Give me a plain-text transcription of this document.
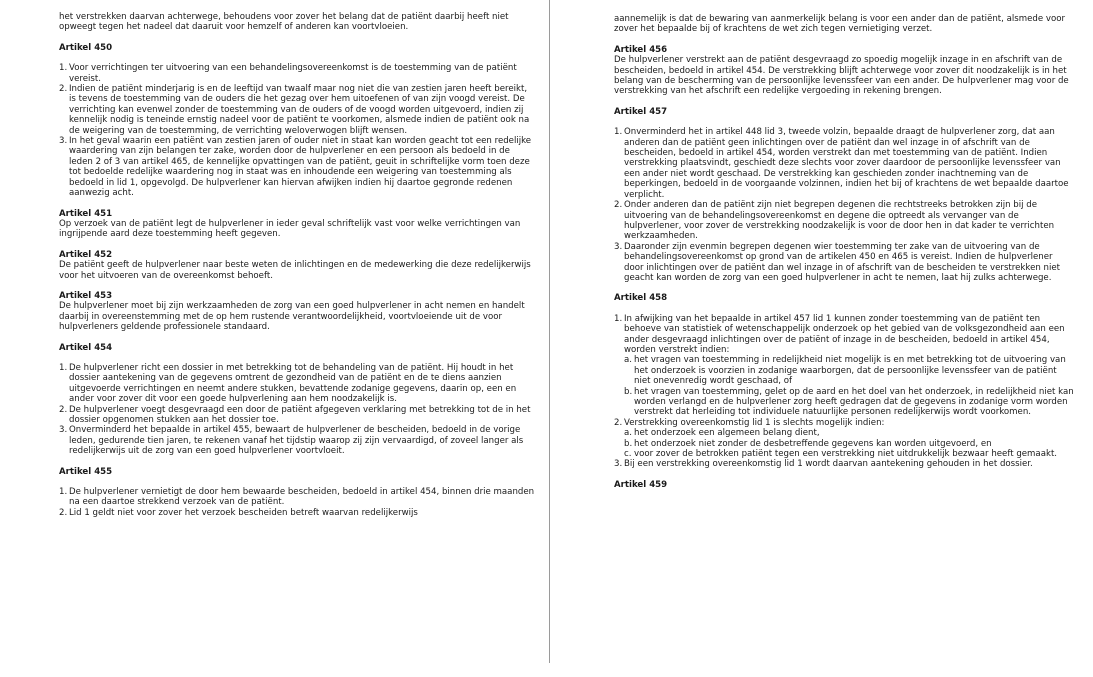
het verstrekken daarvan achterwege, behoudens voor zover het belang dat de patiënt daarbij heeft niet opweegt tegen het nadeel dat daaruit voor hemzelf of anderen kan voortvloeien.

Artikel 450
1. Voor verrichtingen ter uitvoering van een behandelingsovereenkomst is de toestemming van de patiënt vereist.
2. Indien de patiënt minderjarig is en de leeftijd van twaalf maar nog niet die van zestien jaren heeft bereikt, is tevens de toestemming van de ouders die het gezag over hem uitoefenen of van zijn voogd vereist. De verrichting kan evenwel zonder de toestemming van de ouders of de voogd worden uitgevoerd, indien zij kennelijk nodig is teneinde ernstig nadeel voor de patiënt te voorkomen, alsmede indien de patiënt ook na de weigering van de toestemming, de verrichting weloverwogen blijft wensen.
3. In het geval waarin een patiënt van zestien jaren of ouder niet in staat kan worden geacht tot een redelijke waardering van zijn belangen ter zake, worden door de hulpverlener en een persoon als bedoeld in de leden 2 of 3 van artikel 465, de kennelijke opvattingen van de patiënt, geuit in schriftelijke vorm toen deze tot bedoelde redelijke waardering nog in staat was en inhoudende een weigering van toestemming als bedoeld in lid 1, opgevolgd. De hulpverlener kan hiervan afwijken indien hij daartoe gegronde redenen aanwezig acht.
Artikel 451

Op verzoek van de patiënt legt de hulpverlener in ieder geval schriftelijk vast voor welke verrichtingen van ingrijpende aard deze toestemming heeft gegeven.

Artikel 452

De patiënt geeft de hulpverlener naar beste weten de inlichtingen en de medewerking die deze redelijkerwijs voor het uitvoeren van de overeenkomst behoeft.

Artikel 453

De hulpverlener moet bij zijn werkzaamheden de zorg van een goed hulpverlener in acht nemen en handelt daarbij in overeenstemming met de op hem rustende verantwoordelijkheid, voortvloeiende uit de voor hulpverleners geldende professionele standaard.

Artikel 454
1. De hulpverlener richt een dossier in met betrekking tot de behandeling van de patiënt. Hij houdt in het dossier aantekening van de gegevens omtrent de gezondheid van de patiënt en de te diens aanzien uitgevoerde verrichtingen en neemt andere stukken, bevattende zodanige gegevens, daarin op, een en ander voor zover dit voor een goede hulpverlening aan hem noodzakelijk is.
2. De hulpverlener voegt desgevraagd een door de patiënt afgegeven verklaring met betrekking tot de in het dossier opgenomen stukken aan het dossier toe.
3. Onverminderd het bepaalde in artikel 455, bewaart de hulpverlener de bescheiden, bedoeld in de vorige leden, gedurende tien jaren, te rekenen vanaf het tijdstip waarop zij zijn vervaardigd, of zoveel langer als redelijkerwijs uit de zorg van een goed hulpverlener voortvloeit.
Artikel 455
1. De hulpverlener vernietigt de door hem bewaarde bescheiden, bedoeld in artikel 454, binnen drie maanden na een daartoe strekkend verzoek van de patiënt.
2. Lid 1 geldt niet voor zover het verzoek bescheiden betreft waarvan redelijkerwijs

aannemelijk is dat de bewaring van aanmerkelijk belang is voor een ander dan de patiënt, alsmede voor zover het bepaalde bij of krachtens de wet zich tegen vernietiging verzet.

Artikel 456

De hulpverlener verstrekt aan de patiënt desgevraagd zo spoedig mogelijk inzage in en afschrift van de bescheiden, bedoeld in artikel 454. De verstrekking blijft achterwege voor zover dit noodzakelijk is in het belang van de bescherming van de persoonlijke levenssfeer van een ander. De hulpverlener mag voor de verstrekking van het afschrift een redelijke vergoeding in rekening brengen.

Artikel 457
1. Onverminderd het in artikel 448 lid 3, tweede volzin, bepaalde draagt de hulpverlener zorg, dat aan anderen dan de patiënt geen inlichtingen over de patiënt dan wel inzage in of afschrift van de bescheiden, bedoeld in artikel 454, worden verstrekt dan met toestemming van de patiënt. Indien verstrekking plaatsvindt, geschiedt deze slechts voor zover daardoor de persoonlijke levenssfeer van een ander niet wordt geschaad. De verstrekking kan geschieden zonder inachtneming van de beperkingen, bedoeld in de voorgaande volzinnen, indien het bij of krachtens de wet bepaalde daartoe verplicht.
2. Onder anderen dan de patiënt zijn niet begrepen degenen die rechtstreeks betrokken zijn bij de uitvoering van de behandelingsovereenkomst en degene die optreedt als vervanger van de hulpverlener, voor zover de verstrekking noodzakelijk is voor de door hen in dat kader te verrichten werkzaamheden.
3. Daaronder zijn evenmin begrepen degenen wier toestemming ter zake van de uitvoering van de behandelingsovereenkomst op grond van de artikelen 450 en 465 is vereist. Indien de hulpverlener door inlichtingen over de patiënt dan wel inzage in of afschrift van de bescheiden te verstrekken niet geacht kan worden de zorg van een goed hulpverlener in acht te nemen, laat hij zulks achterwege.
Artikel 458
1. In afwijking van het bepaalde in artikel 457 lid 1 kunnen zonder toestemming van de patiënt ten behoeve van statistiek of wetenschappelijk onderzoek op het gebied van de volksgezondheid aan een ander desgevraagd inlichtingen over de patiënt of inzage in de bescheiden, bedoeld in artikel 454, worden verstrekt indien:
a. het vragen van toestemming in redelijkheid niet mogelijk is en met betrekking tot de uitvoering van het onderzoek is voorzien in zodanige waarborgen, dat de persoonlijke levenssfeer van de patiënt niet onevenredig wordt geschaad, of
b. het vragen van toestemming, gelet op de aard en het doel van het onderzoek, in redelijkheid niet kan worden verlangd en de hulpverlener zorg heeft gedragen dat de gegevens in zodanige vorm worden verstrekt dat herleiding tot individuele natuurlijke personen redelijkerwijs wordt voorkomen.
2. Verstrekking overeenkomstig lid 1 is slechts mogelijk indien:
a. het onderzoek een algemeen belang dient,
b. het onderzoek niet zonder de desbetreffende gegevens kan worden uitgevoerd, en
c. voor zover de betrokken patiënt tegen een verstrekking niet uitdrukkelijk bezwaar heeft gemaakt.
3. Bij een verstrekking overeenkomstig lid 1 wordt daarvan aantekening gehouden in het dossier.
Artikel 459
